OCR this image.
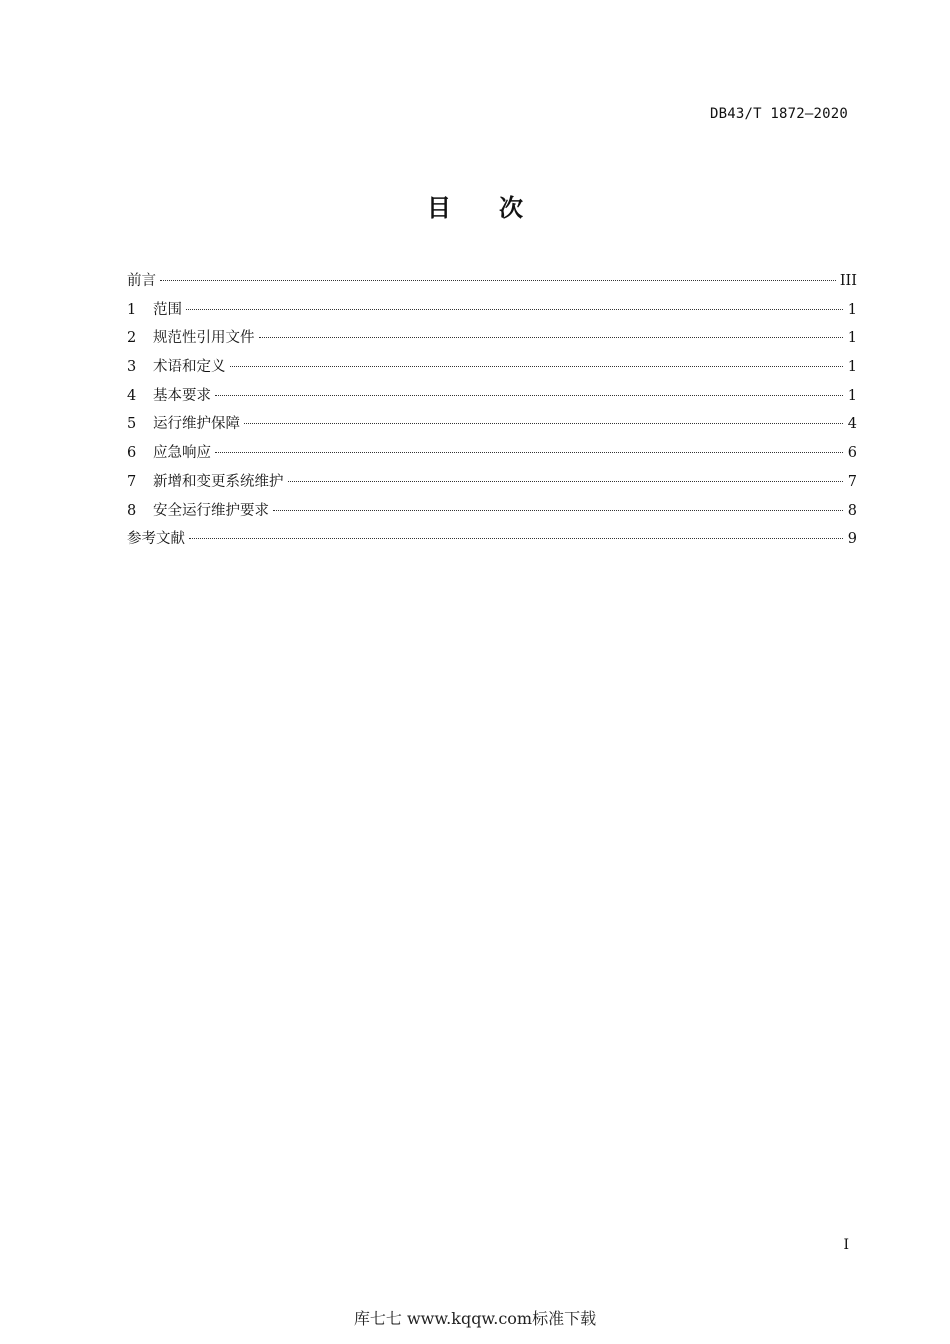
DB43/T 1872—2020
目 次
前言	III
1	范围	1
2	规范性引用文件	1
3	术语和定义	1
4	基本要求	1
5	运行维护保障	4
6	应急响应	6
7	新增和变更系统维护	7
8	安全运行维护要求	8
参考文献	9
I
库七七 www.kqqw.com标准下载
